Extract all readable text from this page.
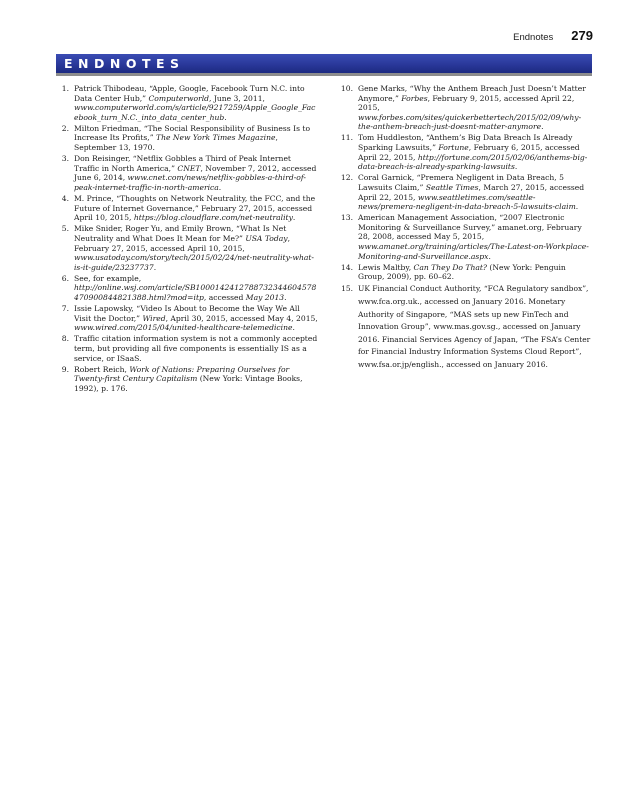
Endnotes 279
ENDNOTES
1. Patrick Thibodeau, “Apple, Google, Facebook Turn N.C. into Data Center Hub,” Computerworld, June 3, 2011, www.computerworld.com/s/article/9217259/Apple_Google_Facebook_turn_N.C._into_data_center_hub.
2. Milton Friedman, “The Social Responsibility of Business Is to Increase Its Profits,” The New York Times Magazine, September 13, 1970.
3. Don Reisinger, “Netflix Gobbles a Third of Peak Internet Traffic in North America,” CNET, November 7, 2012, accessed June 6, 2014, www.cnet.com/news/netflix-gobbles-a-third-of-peak-internet-traffic-in-north-america.
4. M. Prince, “Thoughts on Network Neutrality, the FCC, and the Future of Internet Governance,” February 27, 2015, accessed April 10, 2015, https://blog.cloudflare.com/net-neutrality.
5. Mike Snider, Roger Yu, and Emily Brown, “What Is Net Neutrality and What Does It Mean for Me?” USA Today, February 27, 2015, accessed April 10, 2015, www.usatoday.com/story/tech/2015/02/24/net-neutrality-what-is-it-guide/23237737.
6. See, for example, http://online.wsj.com/article/SB10001424127887323446045784709008448213​88.html?mod=itp, accessed May 2013.
7. Issie Lapowsky, “Video Is About to Become the Way We All Visit the Doctor,” Wired, April 30, 2015, accessed May 4, 2015, www.wired.com/2015/04/united-healthcare-telemedicine.
8. Traffic citation information system is not a commonly accepted term, but providing all five components is essentially IS as a service, or ISaaS.
9. Robert Reich, Work of Nations: Preparing Ourselves for Twenty-first Century Capitalism (New York: Vintage Books, 1992), p. 176.
10. Gene Marks, “Why the Anthem Breach Just Doesn’t Matter Anymore,” Forbes, February 9, 2015, accessed April 22, 2015, www.forbes.com/sites/quickerbettertech/2015/02/09/why-the-anthem-breach-just-doesnt-matter-anymore.
11. Tom Huddleston, “Anthem’s Big Data Breach Is Already Sparking Lawsuits,” Fortune, February 6, 2015, accessed April 22, 2015, http://fortune.com/2015/02/06/anthems-big-data-breach-is-already-sparking-lawsuits.
12. Coral Garnick, “Premera Negligent in Data Breach, 5 Lawsuits Claim,” Seattle Times, March 27, 2015, accessed April 22, 2015, www.seattletimes.com/seattle-news/premera-negligent-in-data-breach-5-lawsuits-claim.
13. American Management Association, “2007 Electronic Monitoring & Surveillance Survey,” amanet.org, February 28, 2008, accessed May 5, 2015, www.amanet.org/training/articles/The-Latest-on-Workplace-Monitoring-and-Surveillance.aspx.
14. Lewis Maltby, Can They Do That? (New York: Penguin Group, 2009), pp. 60–62.
15. UK Financial Conduct Authority, “FCA Regulatory sandbox”, www.fca.org.uk., accessed on January 2016. Monetary Authority of Singapore, “MAS sets up new FinTech and Innovation Group”, www.mas.gov.sg., accessed on January 2016. Financial Services Agency of Japan, “The FSA’s Center for Financial Industry Information Systems Cloud Report”, www.fsa.or.jp/english., accessed on January 2016.
